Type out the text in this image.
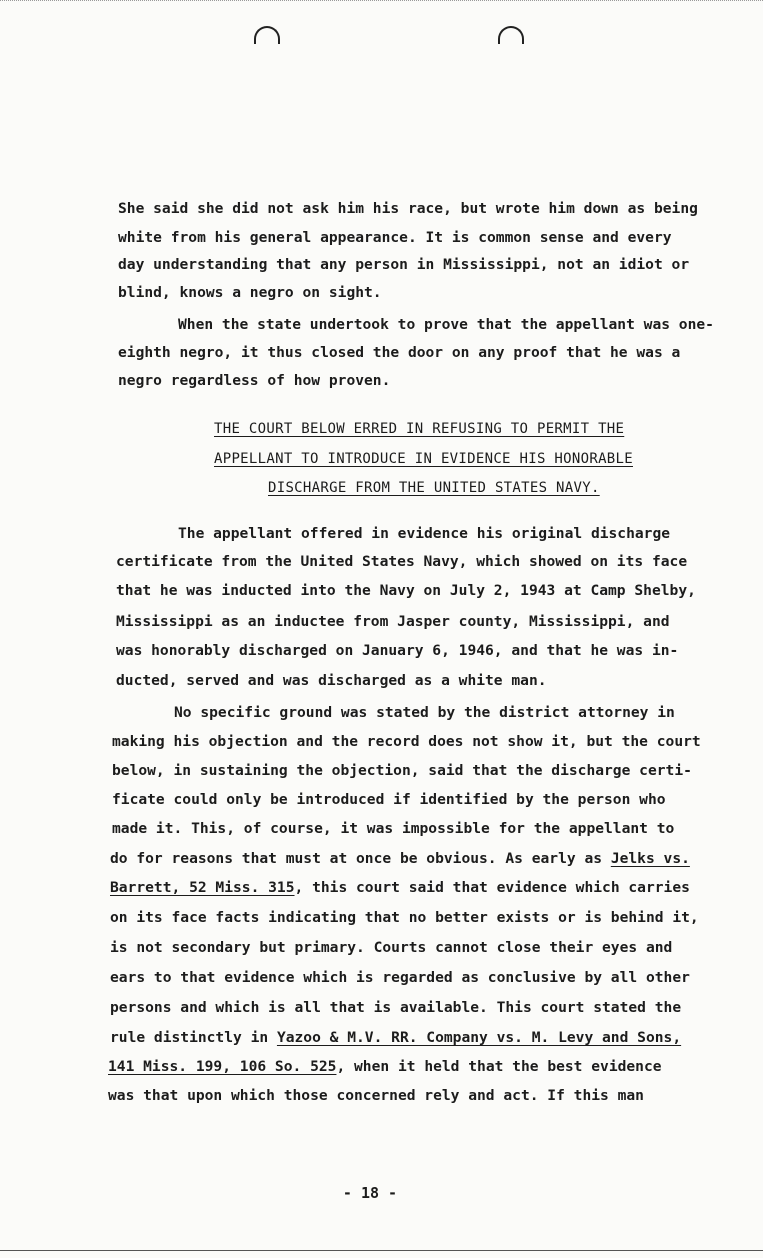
She said she did not ask him his race, but wrote him down as being
white from his general appearance. It is common sense and every
day understanding that any person in Mississippi, not an idiot or
blind, knows a negro on sight.
When the state undertook to prove that the appellant was one-
eighth negro, it thus closed the door on any proof that he was a
negro regardless of how proven.
THE COURT BELOW ERRED IN REFUSING TO PERMIT THE
APPELLANT TO INTRODUCE IN EVIDENCE HIS HONORABLE
DISCHARGE FROM THE UNITED STATES NAVY.
The appellant offered in evidence his original discharge
certificate from the United States Navy, which showed on its face
that he was inducted into the Navy on July 2, 1943 at Camp Shelby,
Mississippi as an inductee from Jasper county, Mississippi, and
was honorably discharged on January 6, 1946, and that he was in-
ducted, served and was discharged as a white man.
No specific ground was stated by the district attorney in
making his objection and the record does not show it, but the court
below, in sustaining the objection, said that the discharge certi-
ficate could only be introduced if identified by the person who
made it. This, of course, it was impossible for the appellant to
do for reasons that must at once be obvious. As early as Jelks vs.
Barrett, 52 Miss. 315, this court said that evidence which carries
on its face facts indicating that no better exists or is behind it,
is not secondary but primary. Courts cannot close their eyes and
ears to that evidence which is regarded as conclusive by all other
persons and which is all that is available. This court stated the
rule distinctly in Yazoo & M.V. RR. Company vs. M. Levy and Sons,
141 Miss. 199, 106 So. 525, when it held that the best evidence
was that upon which those concerned rely and act. If this man
- 18 -
